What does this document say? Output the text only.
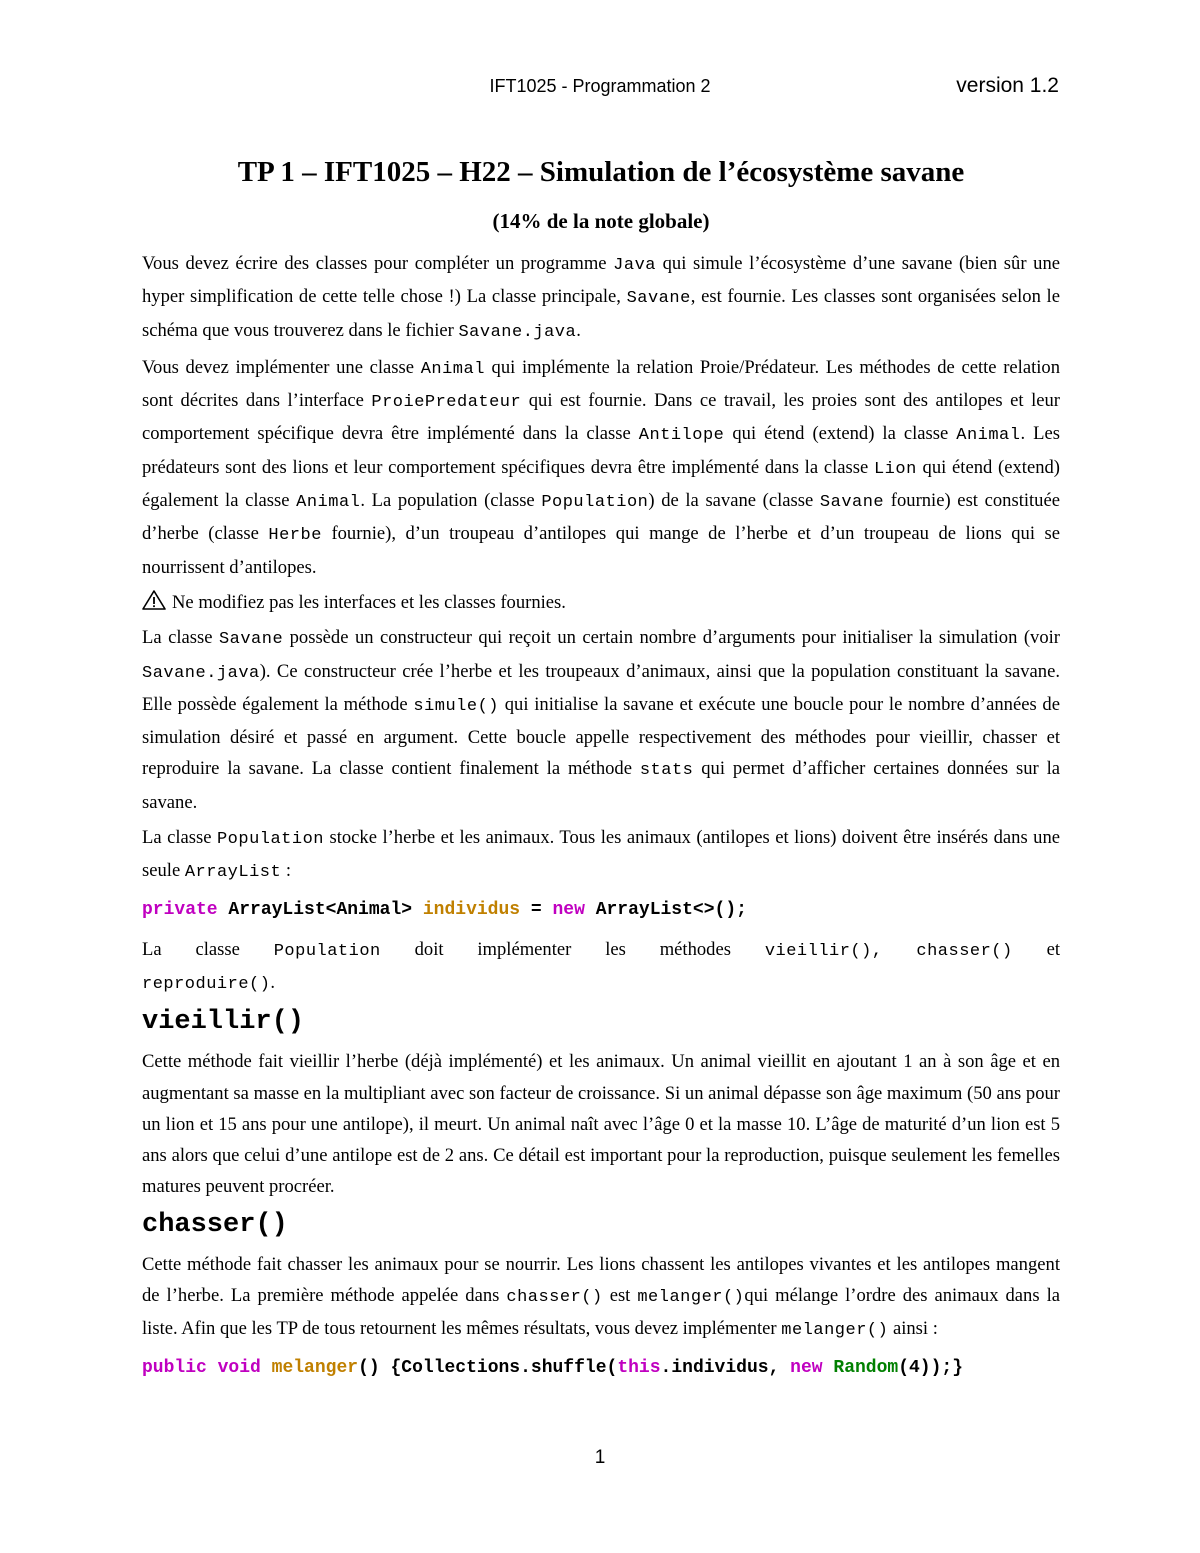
IFT1025 - Programmation 2	version 1.2
TP 1 – IFT1025 – H22 – Simulation de l’écosystème savane
(14% de la note globale)

Vous devez écrire des classes pour compléter un programme Java qui simule l’écosystème d’une savane (bien sûr une hyper simplification de cette telle chose !) La classe principale, Savane, est fournie. Les classes sont organisées selon le schéma que vous trouverez dans le fichier Savane.java.

Vous devez implémenter une classe Animal qui implémente la relation Proie/Prédateur. Les méthodes de cette relation sont décrites dans l’interface ProiePredateur qui est fournie. Dans ce travail, les proies sont des antilopes et leur comportement spécifique devra être implémenté dans la classe Antilope qui étend (extend) la classe Animal. Les prédateurs sont des lions et leur comportement spécifiques devra être implémenté dans la classe Lion qui étend (extend) également la classe Animal. La population (classe Population) de la savane (classe Savane fournie) est constituée d’herbe (classe Herbe fournie), d’un troupeau d’antilopes qui mange de l’herbe et d’un troupeau de lions qui se nourrissent d’antilopes.

Ne modifiez pas les interfaces et les classes fournies.

La classe Savane possède un constructeur qui reçoit un certain nombre d’arguments pour initialiser la simulation (voir Savane.java). Ce constructeur crée l’herbe et les troupeaux d’animaux, ainsi que la population constituant la savane. Elle possède également la méthode simule() qui initialise la savane et exécute une boucle pour le nombre d’années de simulation désiré et passé en argument. Cette boucle appelle respectivement des méthodes pour vieillir, chasser et reproduire la savane. La classe contient finalement la méthode stats qui permet d’afficher certaines données sur la savane.

La classe Population stocke l’herbe et les animaux. Tous les animaux (antilopes et lions) doivent être insérés dans une seule ArrayList :

private ArrayList<Animal> individus = new ArrayList<>();

La classe Population doit implémenter les méthodes vieillir(), chasser() et

reproduire().

vieillir()

Cette méthode fait vieillir l’herbe (déjà implémenté) et les animaux. Un animal vieillit en ajoutant 1 an à son âge et en augmentant sa masse en la multipliant avec son facteur de croissance. Si un animal dépasse son âge maximum (50 ans pour un lion et 15 ans pour une antilope), il meurt. Un animal naît avec l’âge 0 et la masse 10. L’âge de maturité d’un lion est 5 ans alors que celui d’une antilope est de 2 ans. Ce détail est important pour la reproduction, puisque seulement les femelles matures peuvent procréer.

chasser()

Cette méthode fait chasser les animaux pour se nourrir. Les lions chassent les antilopes vivantes et les antilopes mangent de l’herbe. La première méthode appelée dans chasser() est melanger()qui mélange l’ordre des animaux dans la liste. Afin que les TP de tous retournent les mêmes résultats, vous devez implémenter melanger() ainsi :

public void melanger() {Collections.shuffle(this.individus, new Random(4));}
1
